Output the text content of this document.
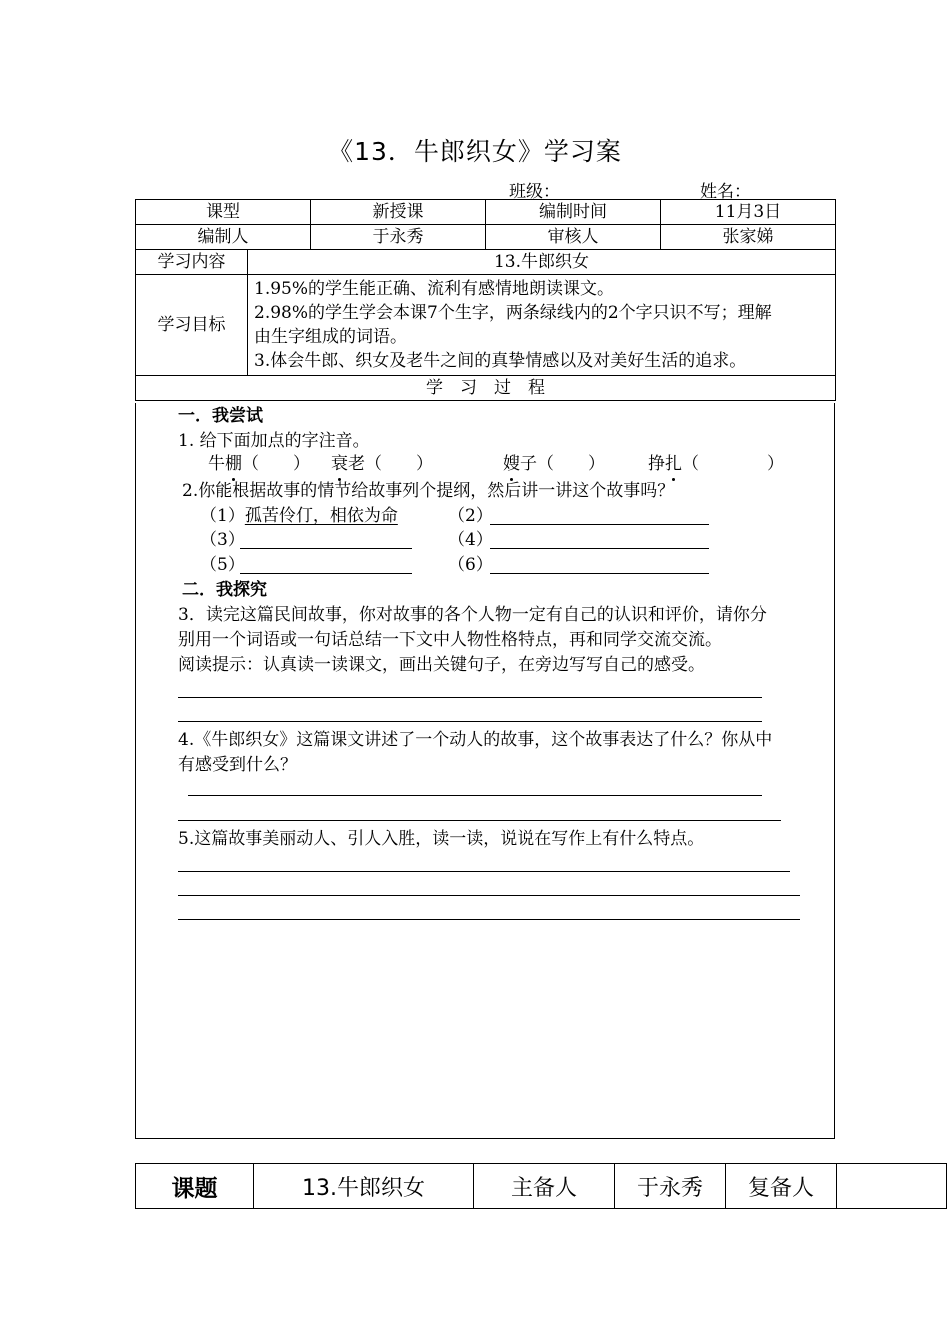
《13．牛郎织女》学习案
班级：	姓名：
课型		新授课	编制时间	11月3日
编制人		于永秀	审核人	张家娣
学习内容	13.牛郎织女			
学习目标	1.95%的学生能正确、流利有感情地朗读课文。
2.98%的学生学会本课7个生字，两条绿线内的2个字只识不写；理解
由生字组成的词语。
3.体会牛郎、织女及老牛之间的真挚情感以及对美好生活的追求。			

学　习　过　程				
一．我尝试
1. 给下面加点的字注音。
牛棚（　　） 衰老（　　）	嫂子（　　）	挣扎（　　　　）
2.你能根据故事的情节给故事列个提纲，然后讲一讲这个故事吗？
（1）孤苦伶仃，相依为命	（2）
（3）	（4）
（5）	（6）
二．我探究
3．读完这篇民间故事，你对故事的各个人物一定有自己的认识和评价，请你分
别用一个词语或一句话总结一下文中人物性格特点，再和同学交流交流。
阅读提示：认真读一读课文，画出关键句子，在旁边写写自己的感受。
4.《牛郎织女》这篇课文讲述了一个动人的故事，这个故事表达了什么？你从中
有感受到什么？
5.这篇故事美丽动人、引人入胜，读一读，说说在写作上有什么特点。
课题	13.牛郎织女	主备人	于永秀	复备人	
